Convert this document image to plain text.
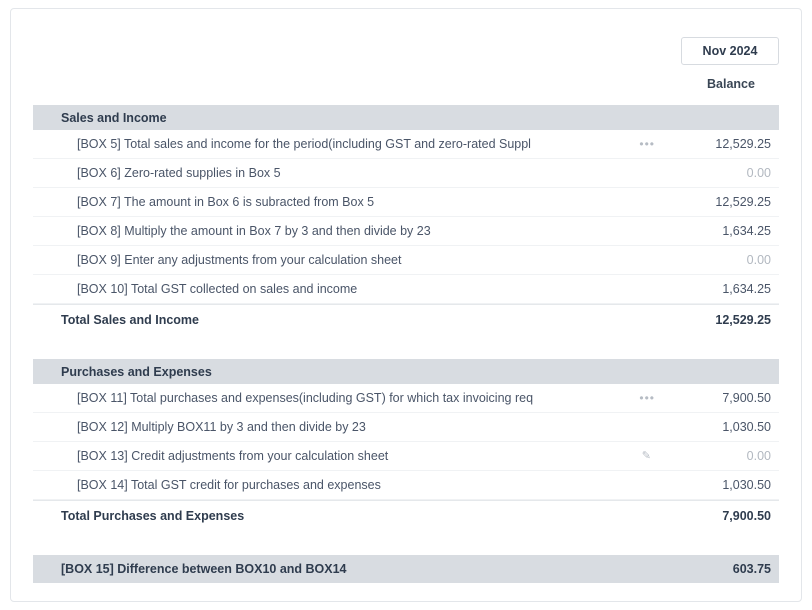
Nov 2024
Balance
Sales and Income
[BOX 5] Total sales and income for the period(including GST and zero-rated Suppl	•••	12,529.25
[BOX 6] Zero-rated supplies in Box 5	0.00
[BOX 7] The amount in Box 6 is subracted from Box 5	12,529.25
[BOX 8] Multiply the amount in Box 7 by 3 and then divide by 23	1,634.25
[BOX 9] Enter any adjustments from your calculation sheet	0.00
[BOX 10] Total GST collected on sales and income	1,634.25
Total Sales and Income	12,529.25
Purchases and Expenses
[BOX 11] Total purchases and expenses(including GST) for which tax invoicing req	•••	7,900.50
[BOX 12] Multiply BOX11 by 3 and then divide by 23	1,030.50
[BOX 13] Credit adjustments from your calculation sheet	✎	0.00
[BOX 14] Total GST credit for purchases and expenses	1,030.50
Total Purchases and Expenses	7,900.50
[BOX 15] Difference between BOX10 and BOX14	603.75
